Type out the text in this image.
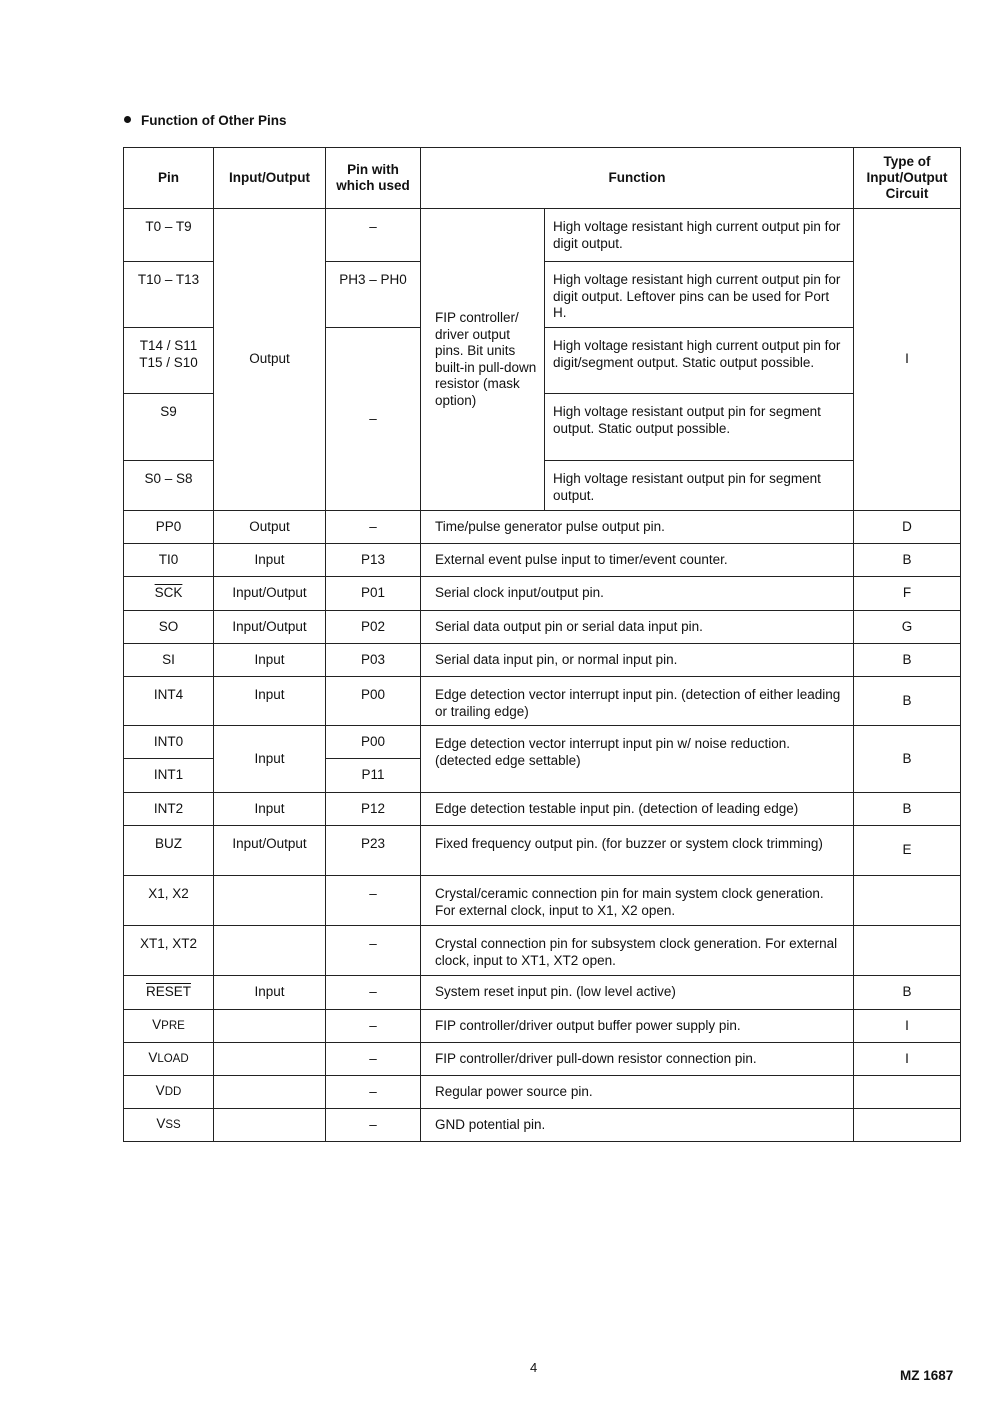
Function of Other Pins
Pin	Input/Output	Pin with which used	Function		Type of Input/Output Circuit
T0 – T9	Output	–	FIP controller/ driver output pins. Bit units built-in pull-down resistor (mask option)	High voltage resistant high current output pin for digit output.	I
T10 – T13		PH3 – PH0		High voltage resistant high current output pin for digit output. Leftover pins can be used for Port H.	
T14 / S11 T15 / S10		–		High voltage resistant high current output pin for digit/segment output. Static output possible.	
S9				High voltage resistant output pin for segment output. Static output possible.	
S0 – S8				High voltage resistant output pin for segment output.	
PP0	Output	–	Time/pulse generator pulse output pin.		D
TI0	Input	P13	External event pulse input to timer/event counter.		B
$\overline{SCK}$	Input/Output	P01	Serial clock input/output pin.		F
SO	Input/Output	P02	Serial data output pin or serial data input pin.		G
SI	Input	P03	Serial data input pin, or normal input pin.		B
INT4	Input	P00	Edge detection vector interrupt input pin. (detection of either leading or trailing edge)		B
INT0	Input	P00	Edge detection vector interrupt input pin w/ noise reduction. (detected edge settable)		B
INT1		P11			
INT2	Input	P12	Edge detection testable input pin. (detection of leading edge)		B
BUZ	Input/Output	P23	Fixed frequency output pin. (for buzzer or system clock trimming)		E
X1, X2		–	Crystal/ceramic connection pin for main system clock generation. For external clock, input to X1, X2 open.		
XT1, XT2		–	Crystal connection pin for subsystem clock generation. For external clock, input to XT1, XT2 open.		
RESET	Input	–	System reset input pin. (low level active)		B
VPRE		–	FIP controller/driver output buffer power supply pin.		I
VLOAD		–	FIP controller/driver pull-down resistor connection pin.		I
VDD		–	Regular power source pin.		
VSS		–	GND potential pin.		
4
MZ 1687
